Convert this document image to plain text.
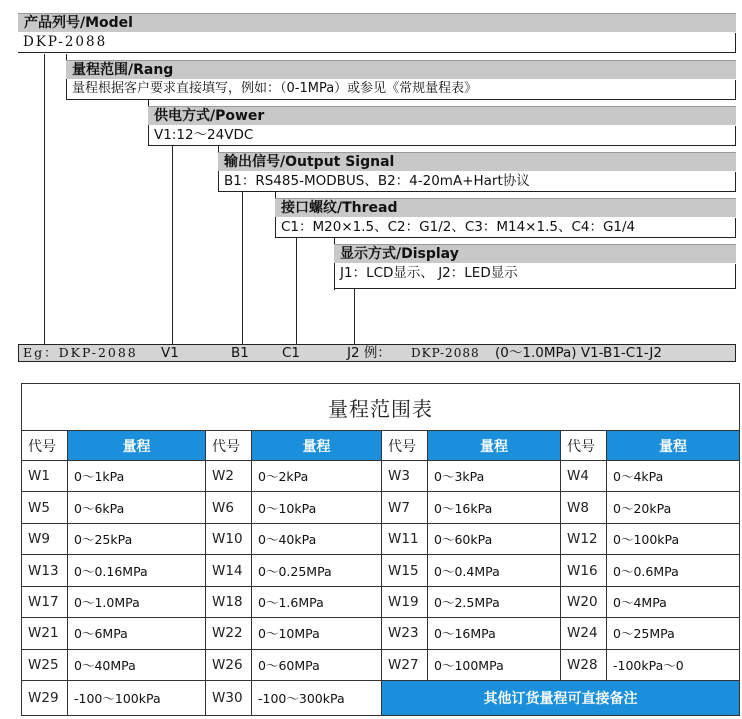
产品列号/Model
DKP-2088
量程范围/Rang
量程根据客户要求直接填写，例如：（0-1MPa）或参见《常规量程表》
供电方式/Power
V1:12～24VDC
输出信号/Output Signal
B1：RS485-MODBUS、B2：4-20mA+Hart协议
接口螺纹/Thread
C1：M20×1.5、C2：G1/2、C3：M14×1.5、C4：G1/4
显示方式/Display
J1：LCD显示、 J2：LED显示
Eg：DKP-2088 V1	B1 C1	J2 例： DKP-2088 (0～1.0MPa) V1-B1-C1-J2
量程范围表							
代号	量程	代号	量程	代号	量程	代号	量程
W1	0～1kPa	W2	0～2kPa	W3	0～3kPa	W4	0～4kPa
W5	0～6kPa	W6	0～10kPa	W7	0～16kPa	W8	0～20kPa
W9	0～25kPa	W10	0～40kPa	W11	0～60kPa	W12	0～100kPa
W13	0～0.16MPa	W14	0～0.25MPa	W15	0～0.4MPa	W16	0～0.6MPa
W17	0～1.0MPa	W18	0～1.6MPa	W19	0～2.5MPa	W20	0～4MPa
W21	0～6MPa	W22	0～10MPa	W23	0～16MPa	W24	0～25MPa
W25	0～40MPa	W26	0～60MPa	W27	0～100MPa	W28	-100kPa～0
W29	-100～100kPa	W30	-100～300kPa	其他订货量程可直接备注			
